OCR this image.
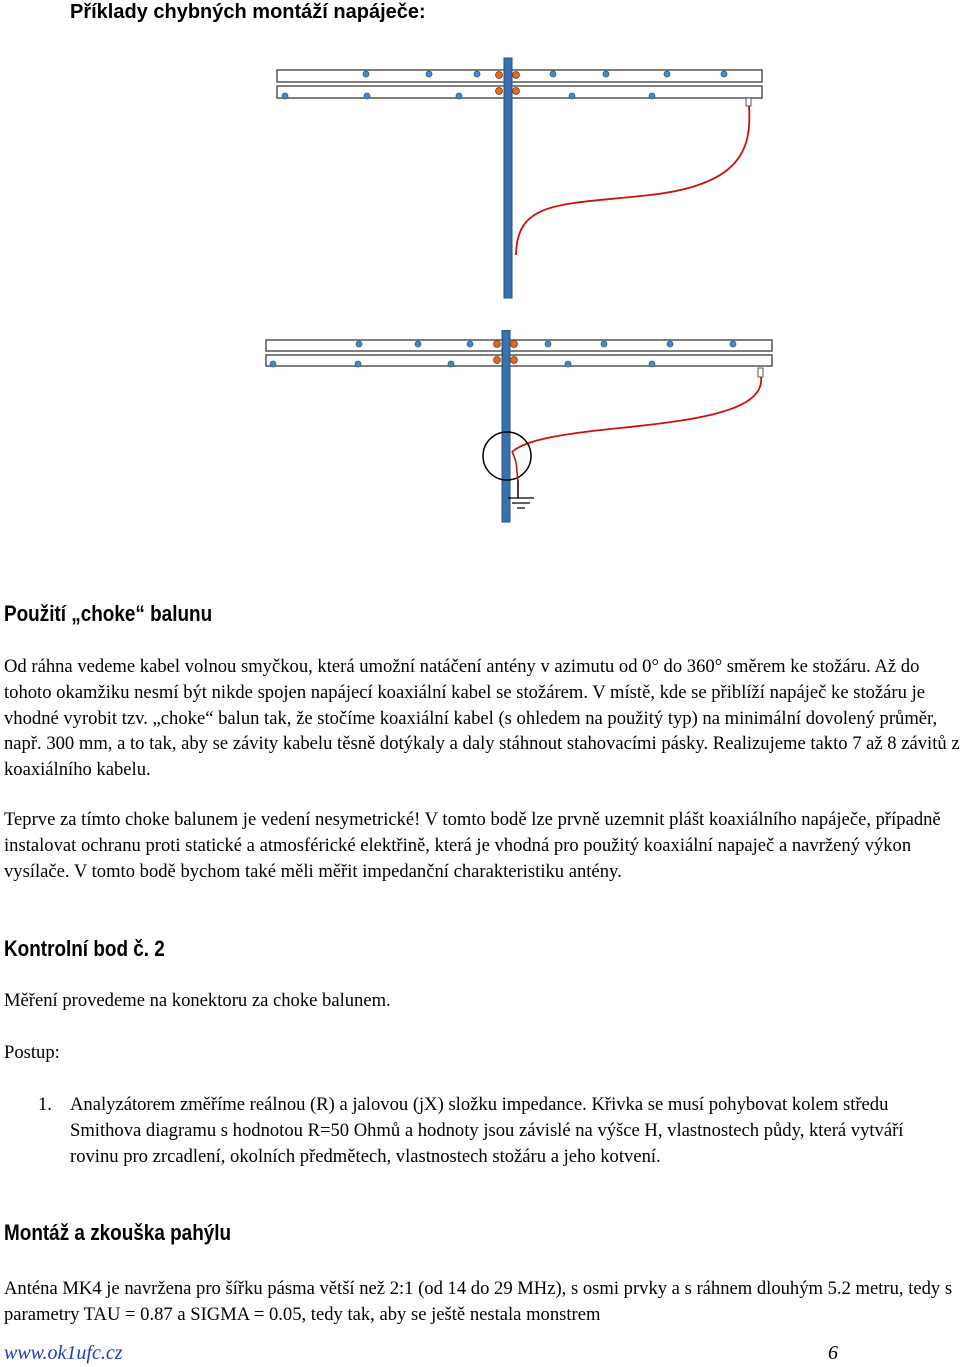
Příklady chybných montáží napáječe:
Použití „choke“ balunu

Od ráhna vedeme kabel volnou smyčkou, která umožní natáčení antény v azimutu od 0° do 360° směrem ke stožáru. Až do tohoto okamžiku nesmí být nikde spojen napájecí koaxiální kabel se stožárem. V místě, kde se přiblíží napáječ ke stožáru je vhodné vyrobit tzv. „choke“ balun tak, že stočíme koaxiální kabel (s ohledem na použitý typ) na minimální dovolený průměr, např. 300 mm, a to tak, aby se závity kabelu těsně dotýkaly a daly stáhnout stahovacími pásky. Realizujeme takto 7 až 8 závitů z koaxiálního kabelu.

Teprve za tímto choke balunem je vedení nesymetrické! V tomto bodě lze prvně uzemnit plášt koaxiálního napáječe, případně instalovat ochranu proti statické a atmosférické elektřině, která je vhodná pro použitý koaxiální napaječ a navržený výkon vysílače. V tomto bodě bychom také měli měřit impedanční charakteristiku antény.

Kontrolní bod č. 2
Měření provedeme na konektoru za choke balunem.
Postup:
1. Analyzátorem změříme reálnou (R) a jalovou (jX) složku impedance. Křivka se musí pohybovat kolem středu Smithova diagramu s hodnotou R=50 Ohmů a hodnoty jsou závislé na výšce H, vlastnostech půdy, která vytváří rovinu pro zrcadlení, okolních předmětech, vlastnostech stožáru a jeho kotvení.
Montáž a zkouška pahýlu
Anténa MK4 je navržena pro šířku pásma větší než 2:1 (od 14 do 29 MHz), s osmi prvky a s ráhnem dlouhým 5.2 metru, tedy s parametry TAU = 0.87 a SIGMA = 0.05, tedy tak, aby se ještě nestala monstrem
www.ok1ufc.cz	6
